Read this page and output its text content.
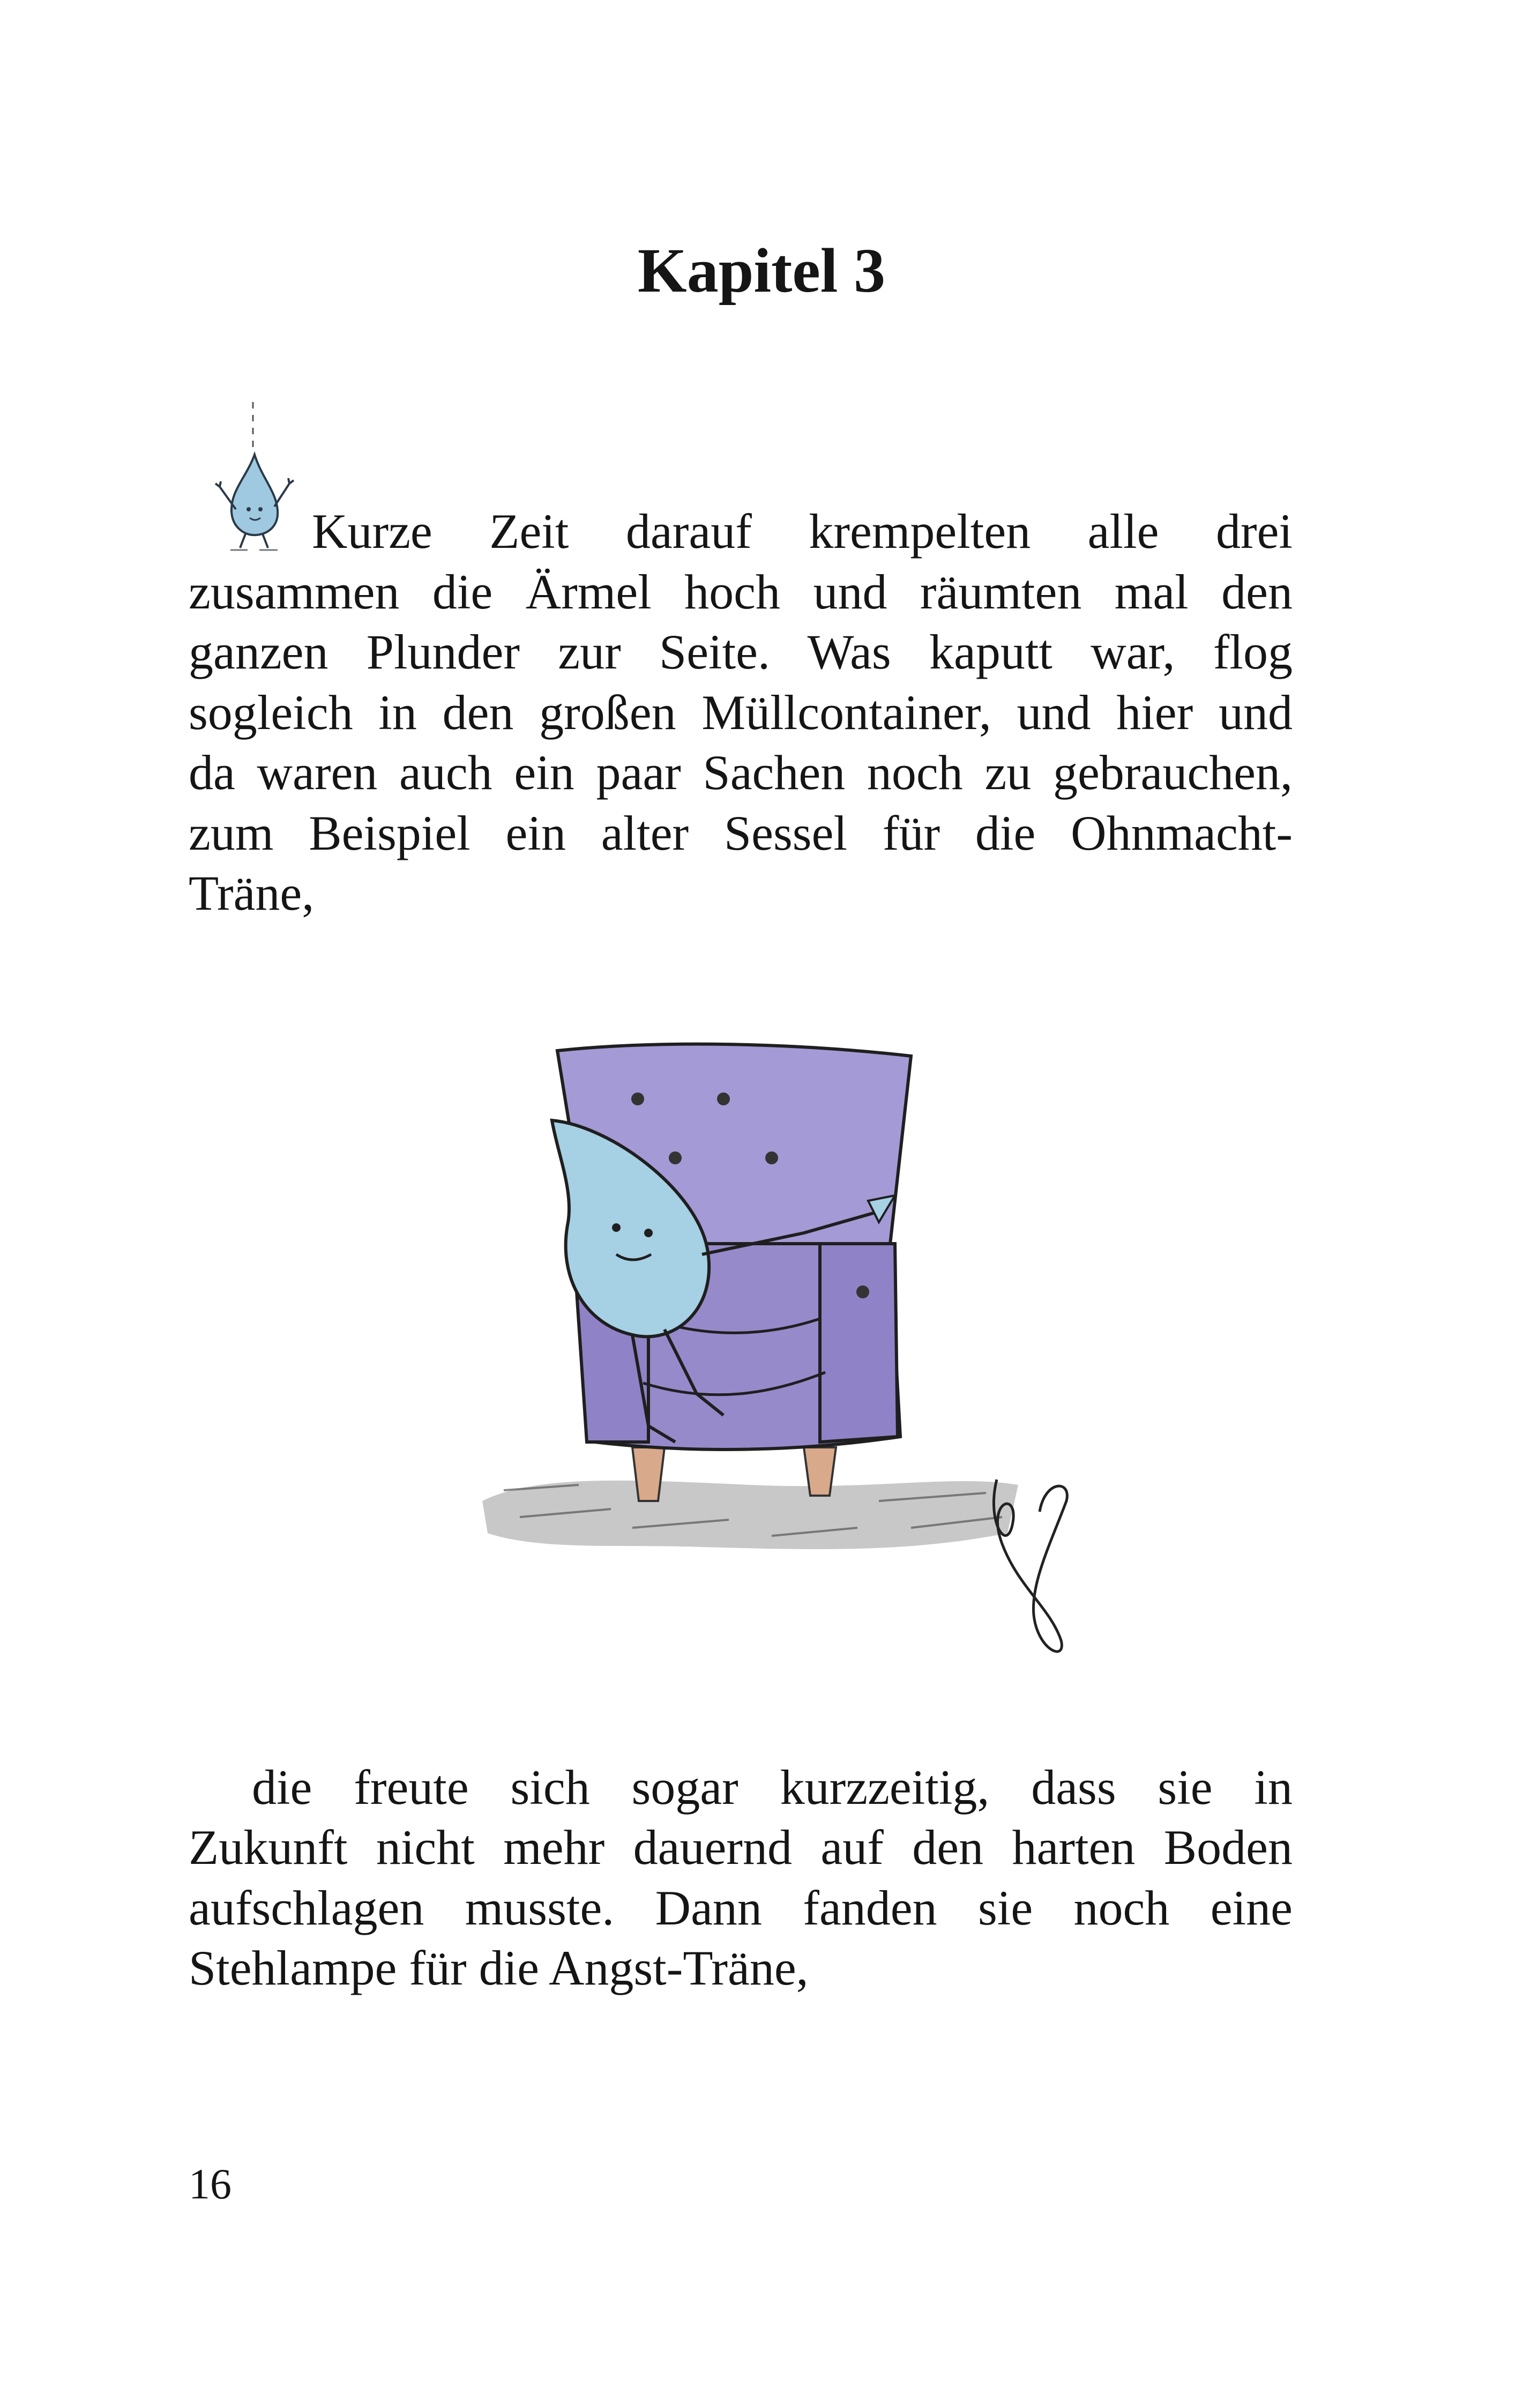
Kapitel 3
Kurze Zeit darauf krempelten alle drei
zusammen die Ärmel hoch und räumten mal den
ganzen Plunder zur Seite. Was kaputt war, flog
sogleich in den großen Müllcontainer, und hier und
da waren auch ein paar Sachen noch zu gebrauchen,
zum Beispiel ein alter Sessel für die Ohnmacht-
Träne,
die freute sich sogar kurzzeitig, dass sie in
Zukunft nicht mehr dauernd auf den harten Boden
aufschlagen musste. Dann fanden sie noch eine
Stehlampe für die Angst-Träne,
16
